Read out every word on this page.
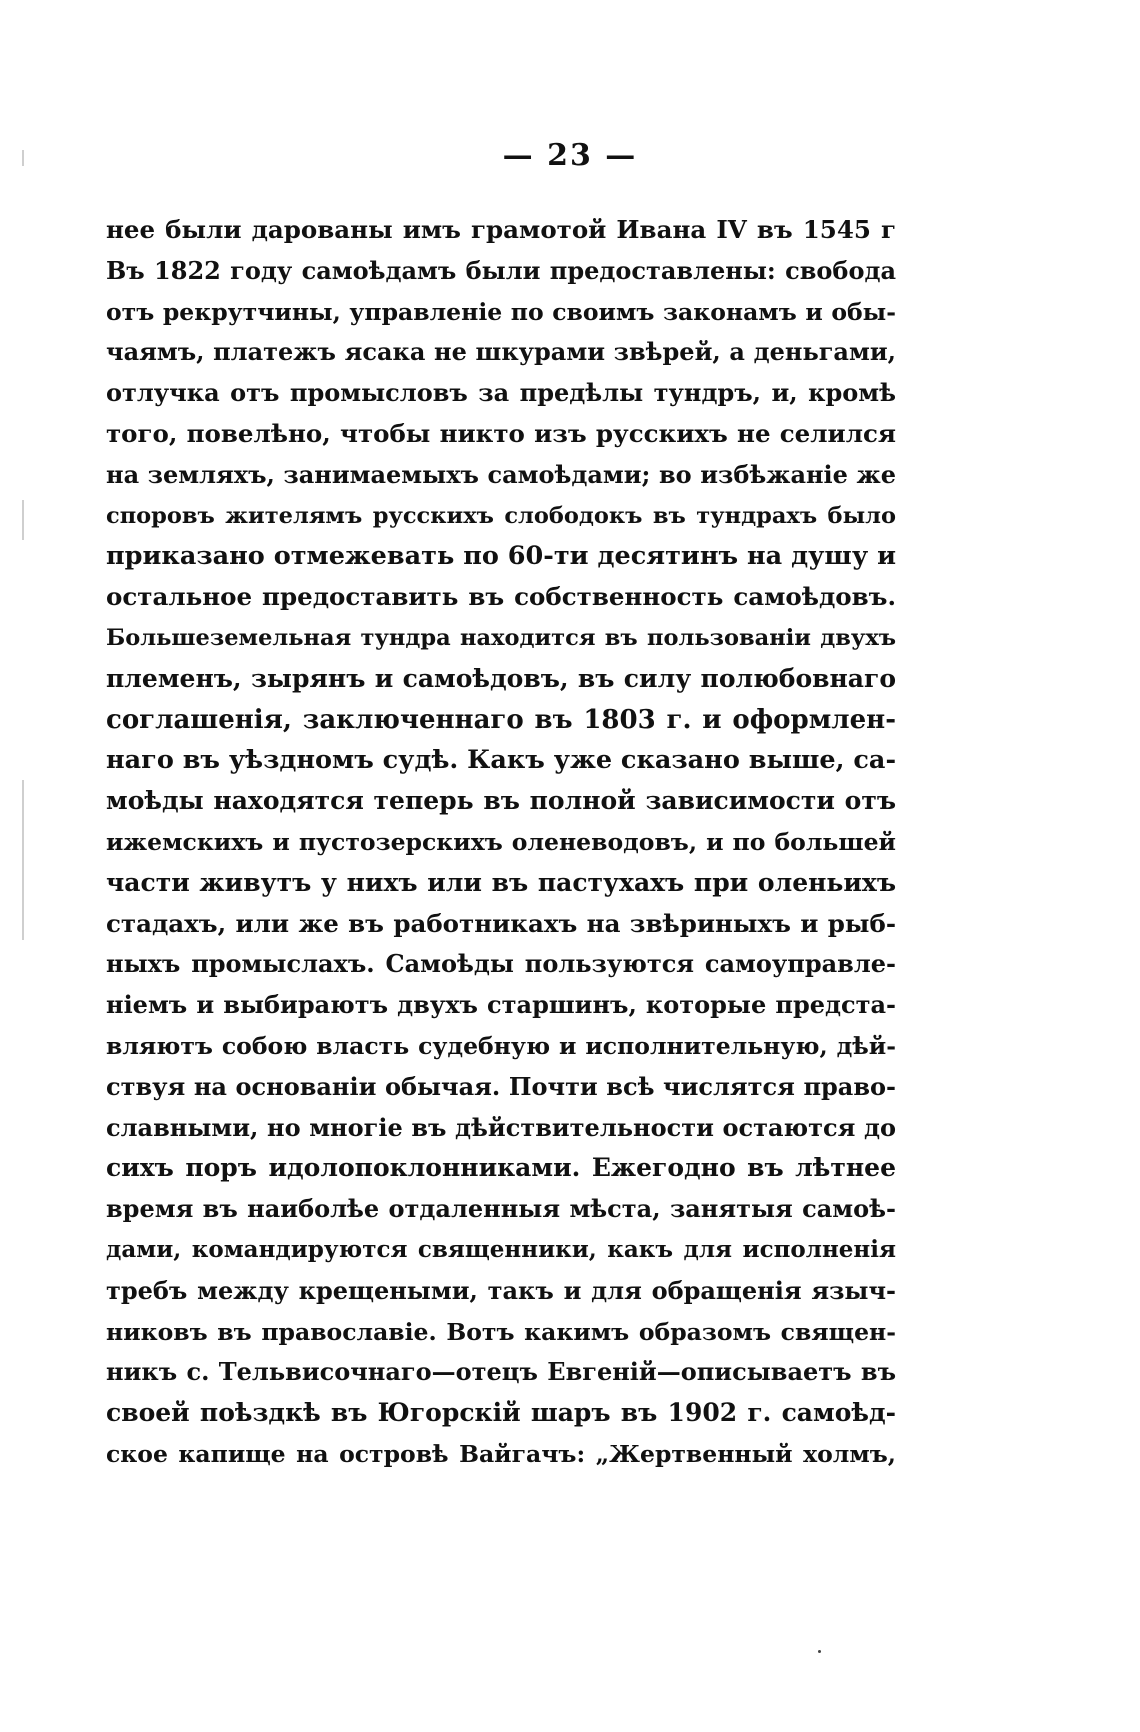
— 23 —
нее были дарованы имъ грамотой Ивана IV въ 1545 г
Въ 1822 году самоѣдамъ были предоставлены: свобода
отъ рекрутчины, управленіе по своимъ законамъ и обы-
чаямъ, платежъ ясака не шкурами звѣрей, а деньгами,
отлучка отъ промысловъ за предѣлы тундръ, и, кромѣ
того, повелѣно, чтобы никто изъ русскихъ не селился
на земляхъ, занимаемыхъ самоѣдами; во избѣжаніе же
споровъ жителямъ русскихъ слободокъ въ тундрахъ было
приказано отмежевать по 60-ти десятинъ на душу и
остальное предоставить въ собственность самоѣдовъ.
Большеземельная тундра находится въ пользованіи двухъ
племенъ, зырянъ и самоѣдовъ, въ силу полюбовнаго
соглашенія, заключеннаго въ 1803 г. и оформлен-
наго въ уѣздномъ судѣ. Какъ уже сказано выше, са-
моѣды находятся теперь въ полной зависимости отъ
ижемскихъ и пустозерскихъ оленеводовъ, и по большей
части живутъ у нихъ или въ пастухахъ при оленьихъ
стадахъ, или же въ работникахъ на звѣриныхъ и рыб-
ныхъ промыслахъ. Самоѣды пользуются самоуправле-
ніемъ и выбираютъ двухъ старшинъ, которые предста-
вляютъ собою власть судебную и исполнительную, дѣй-
ствуя на основаніи обычая. Почти всѣ числятся право-
славными, но многіе въ дѣйствительности остаются до
сихъ поръ идолопоклонниками. Ежегодно въ лѣтнее
время въ наиболѣе отдаленныя мѣста, занятыя самоѣ-
дами, командируются священники, какъ для исполненія
требъ между крещеными, такъ и для обращенія языч-
никовъ въ православіе. Вотъ какимъ образомъ священ-
никъ с. Тельвисочнаго—отецъ Евгеній—описываетъ въ
своей поѣздкѣ въ Югорскій шаръ въ 1902 г. самоѣд-
ское капище на островѣ Вайгачъ: „Жертвенный холмъ,
